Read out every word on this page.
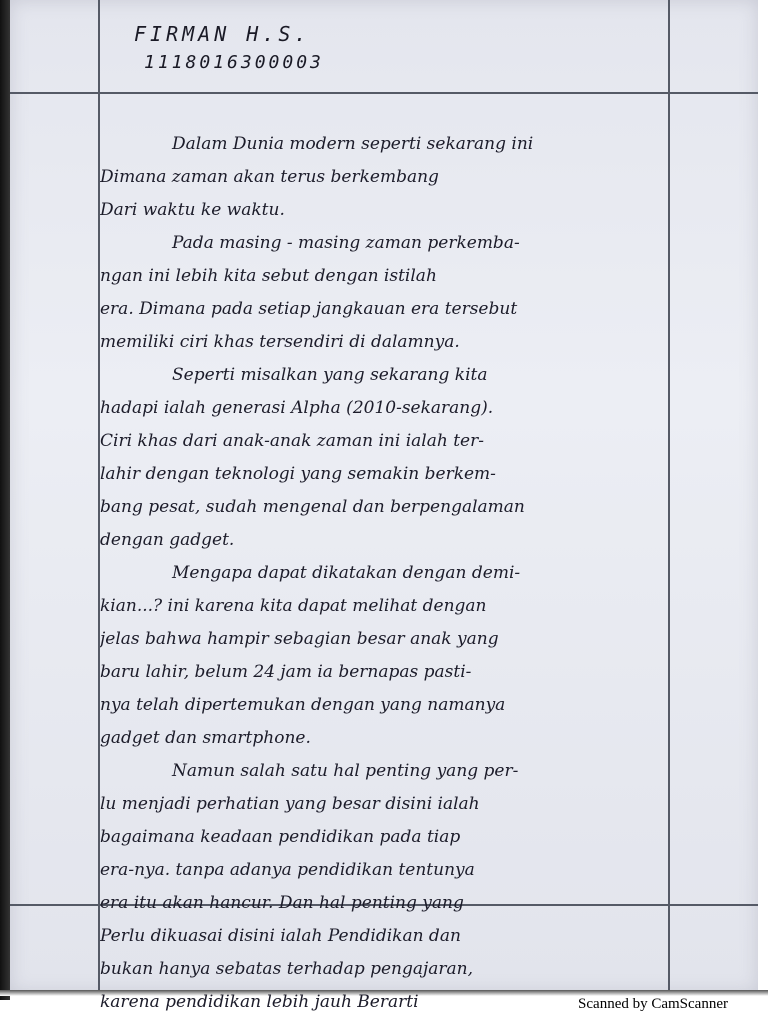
FIRMAN H.S.
1118016300003
Dalam Dunia modern seperti sekarang ini
Dimana zaman akan terus berkembang
Dari waktu ke waktu.
Pada masing - masing zaman perkemba-
ngan ini lebih kita sebut dengan istilah
era. Dimana pada setiap jangkauan era tersebut
memiliki ciri khas tersendiri di dalamnya.
Seperti misalkan yang sekarang kita
hadapi ialah generasi Alpha (2010-sekarang).
Ciri khas dari anak-anak zaman ini ialah ter-
lahir dengan teknologi yang semakin berkem-
bang pesat, sudah mengenal dan berpengalaman
dengan gadget.
Mengapa dapat dikatakan dengan demi-
kian...? ini karena kita dapat melihat dengan
jelas bahwa hampir sebagian besar anak yang
baru lahir, belum 24 jam ia bernapas pasti-
nya telah dipertemukan dengan yang namanya
gadget dan smartphone.
Namun salah satu hal penting yang per-
lu menjadi perhatian yang besar disini ialah
bagaimana keadaan pendidikan pada tiap
era-nya. tanpa adanya pendidikan tentunya
era itu akan hancur. Dan hal penting yang
Perlu dikuasai disini ialah Pendidikan dan
bukan hanya sebatas terhadap pengajaran,
karena pendidikan lebih jauh Berarti	Scanned by CamScanner
